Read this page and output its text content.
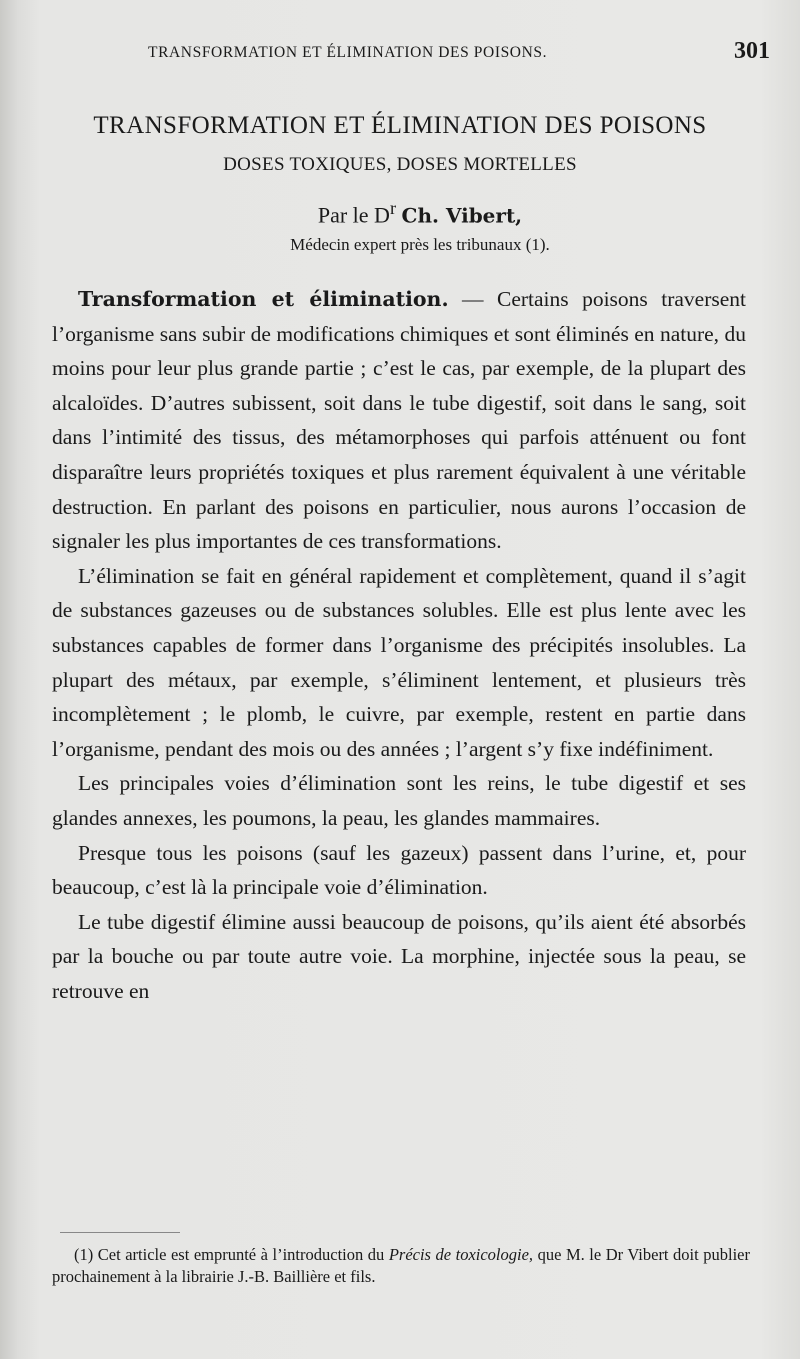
TRANSFORMATION ET ÉLIMINATION DES POISONS.	301
TRANSFORMATION ET ÉLIMINATION DES POISONS
DOSES TOXIQUES, DOSES MORTELLES
Par le $D^r$ Ch. Vibert,
Médecin expert près les tribunaux (1).

Transformation et élimination. — Certains poisons traversent l’organisme sans subir de modifications chimiques et sont éliminés en nature, du moins pour leur plus grande partie ; c’est le cas, par exemple, de la plupart des alcaloïdes. D’autres subissent, soit dans le tube digestif, soit dans le sang, soit dans l’intimité des tissus, des métamorphoses qui parfois atténuent ou font disparaître leurs propriétés toxiques et plus rarement équivalent à une véritable destruction. En parlant des poisons en particulier, nous aurons l’occasion de signaler les plus importantes de ces transformations.

L’élimination se fait en général rapidement et complètement, quand il s’agit de substances gazeuses ou de substances solubles. Elle est plus lente avec les substances capables de former dans l’organisme des précipités insolubles. La plupart des métaux, par exemple, s’éliminent lentement, et plusieurs très incomplètement ; le plomb, le cuivre, par exemple, restent en partie dans l’organisme, pendant des mois ou des années ; l’argent s’y fixe indéfiniment.

Les principales voies d’élimination sont les reins, le tube digestif et ses glandes annexes, les poumons, la peau, les glandes mammaires.

Presque tous les poisons (sauf les gazeux) passent dans l’urine, et, pour beaucoup, c’est là la principale voie d’élimination.

Le tube digestif élimine aussi beaucoup de poisons, qu’ils aient été absorbés par la bouche ou par toute autre voie. La morphine, injectée sous la peau, se retrouve en

(1) Cet article est emprunté à l’introduction du Précis de toxicologie, que M. le Dr Vibert doit publier prochainement à la librairie J.-B. Baillière et fils.
